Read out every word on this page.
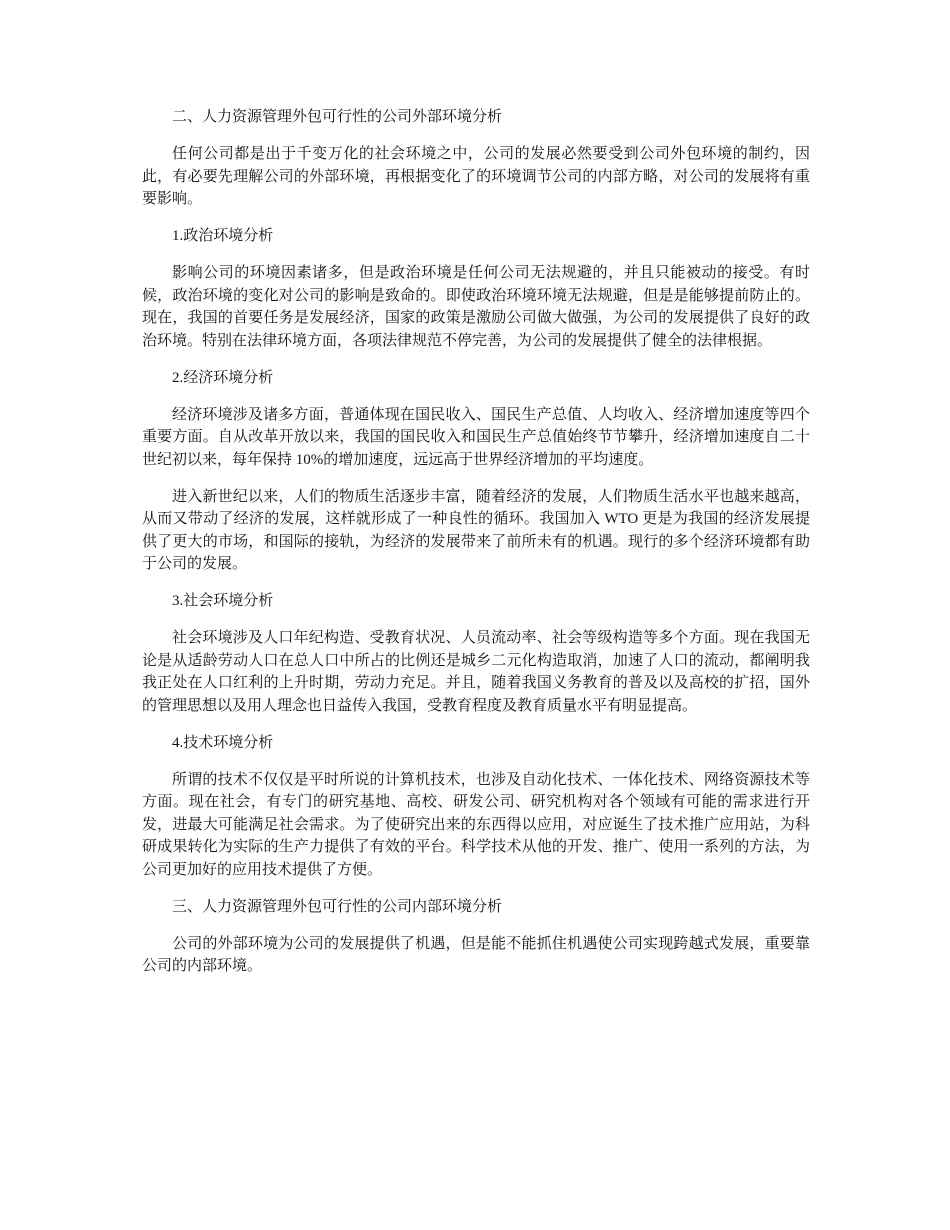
二、人力资源管理外包可行性的公司外部环境分析

任何公司都是出于千变万化的社会环境之中，公司的发展必然要受到公司外包环境的制约，因此，有必要先理解公司的外部环境，再根据变化了的环境调节公司的内部方略，对公司的发展将有重要影响。

1.政治环境分析

影响公司的环境因素诸多，但是政治环境是任何公司无法规避的，并且只能被动的接受。有时候，政治环境的变化对公司的影响是致命的。即使政治环境环境无法规避，但是是能够提前防止的。现在，我国的首要任务是发展经济，国家的政策是激励公司做大做强，为公司的发展提供了良好的政治环境。特别在法律环境方面，各项法律规范不停完善，为公司的发展提供了健全的法律根据。

2.经济环境分析

经济环境涉及诸多方面，普通体现在国民收入、国民生产总值、人均收入、经济增加速度等四个重要方面。自从改革开放以来，我国的国民收入和国民生产总值始终节节攀升，经济增加速度自二十世纪初以来，每年保持 10%的增加速度，远远高于世界经济增加的平均速度。

进入新世纪以来，人们的物质生活逐步丰富，随着经济的发展，人们物质生活水平也越来越高，从而又带动了经济的发展，这样就形成了一种良性的循环。我国加入 WTO 更是为我国的经济发展提供了更大的市场，和国际的接轨，为经济的发展带来了前所未有的机遇。现行的多个经济环境都有助于公司的发展。

3.社会环境分析

社会环境涉及人口年纪构造、受教育状况、人员流动率、社会等级构造等多个方面。现在我国无论是从适龄劳动人口在总人口中所占的比例还是城乡二元化构造取消，加速了人口的流动，都阐明我我正处在人口红利的上升时期，劳动力充足。并且，随着我国义务教育的普及以及高校的扩招，国外的管理思想以及用人理念也日益传入我国，受教育程度及教育质量水平有明显提高。

4.技术环境分析

所谓的技术不仅仅是平时所说的计算机技术，也涉及自动化技术、一体化技术、网络资源技术等方面。现在社会，有专门的研究基地、高校、研发公司、研究机构对各个领域有可能的需求进行开发，进最大可能满足社会需求。为了使研究出来的东西得以应用，对应诞生了技术推广应用站，为科研成果转化为实际的生产力提供了有效的平台。科学技术从他的开发、推广、使用一系列的方法，为公司更加好的应用技术提供了方便。

三、人力资源管理外包可行性的公司内部环境分析

公司的外部环境为公司的发展提供了机遇，但是能不能抓住机遇使公司实现跨越式发展，重要靠公司的内部环境。
